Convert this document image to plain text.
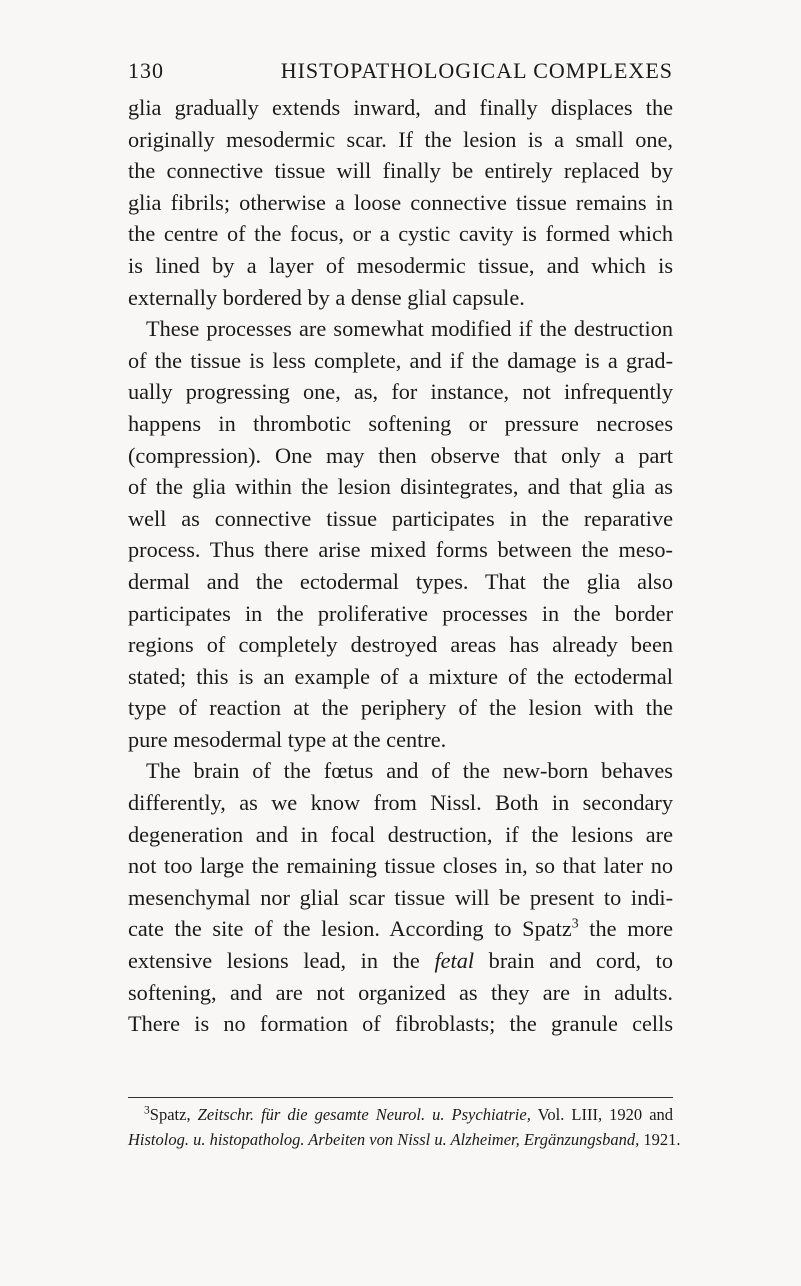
130	HISTOPATHOLOGICAL COMPLEXES

glia gradually extends inward, and finally displaces the

originally mesodermic scar. If the lesion is a small one,

the connective tissue will finally be entirely replaced by

glia fibrils; otherwise a loose connective tissue remains in

the centre of the focus, or a cystic cavity is formed which

is lined by a layer of mesodermic tissue, and which is

externally bordered by a dense glial capsule.

These processes are somewhat modified if the destruction

of the tissue is less complete, and if the damage is a grad-

ually progressing one, as, for instance, not infrequently

happens in thrombotic softening or pressure necroses

(compression). One may then observe that only a part

of the glia within the lesion disintegrates, and that glia as

well as connective tissue participates in the reparative

process. Thus there arise mixed forms between the meso-

dermal and the ectodermal types. That the glia also

participates in the proliferative processes in the border

regions of completely destroyed areas has already been

stated; this is an example of a mixture of the ectodermal

type of reaction at the periphery of the lesion with the

pure mesodermal type at the centre.

The brain of the fœtus and of the new-born behaves

differently, as we know from Nissl. Both in secondary

degeneration and in focal destruction, if the lesions are

not too large the remaining tissue closes in, so that later no

mesenchymal nor glial scar tissue will be present to indi-

cate the site of the lesion. According to Spatz$^3$ the more

extensive lesions lead, in the fetal brain and cord, to

softening, and are not organized as they are in adults.

There is no formation of fibroblasts; the granule cells

$^3$Spatz, Zeitschr. für die gesamte Neurol. u. Psychiatrie, Vol. LIII, 1920 and

Histolog. u. histopatholog. Arbeiten von Nissl u. Alzheimer, Ergänzungsband, 1921.
